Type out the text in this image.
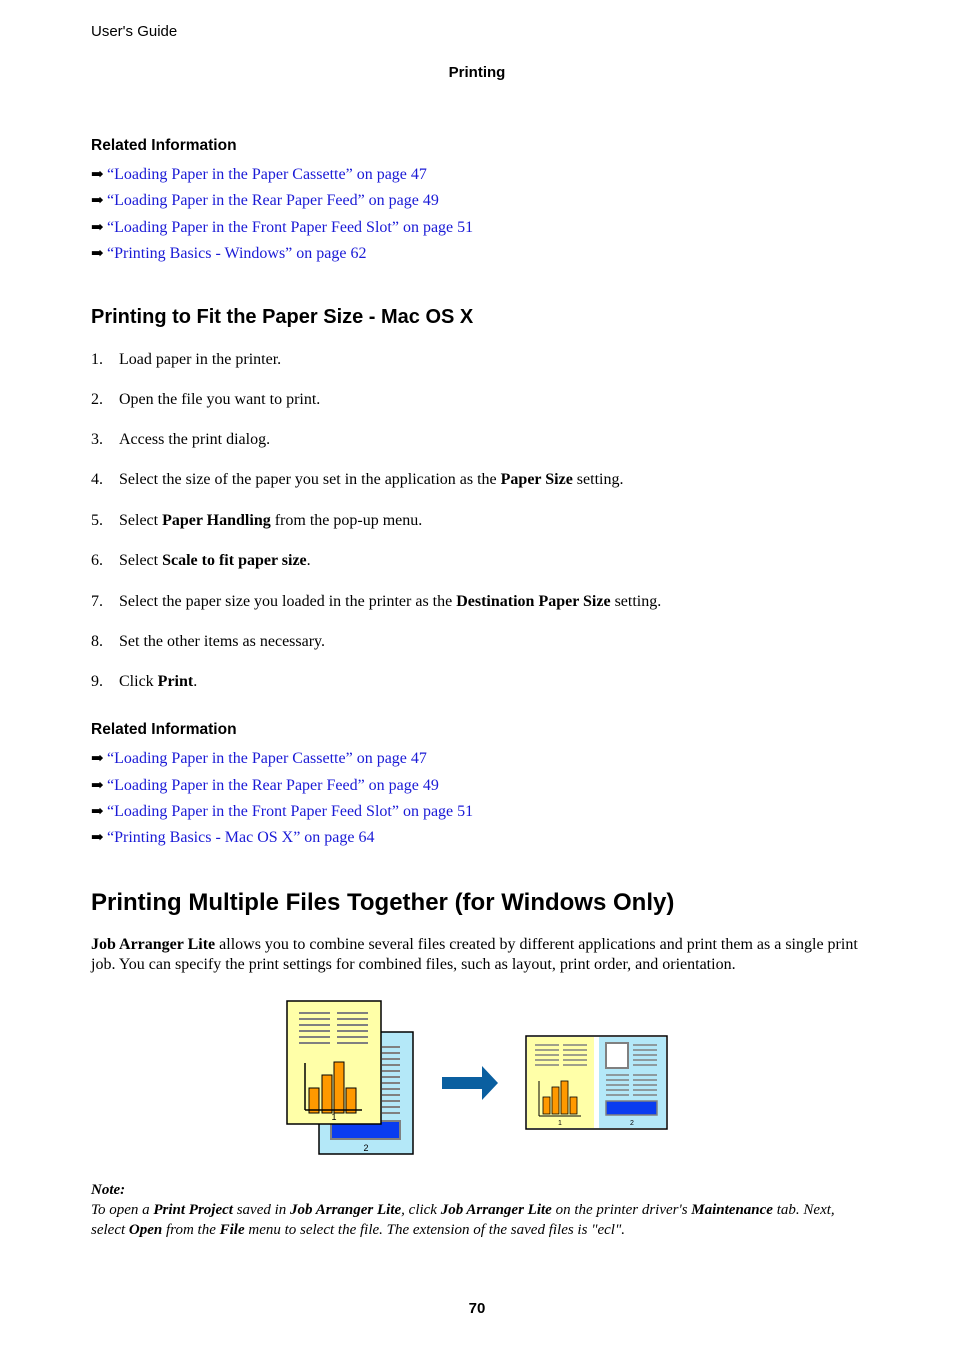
User's Guide
Printing
Related Information
➡ “Loading Paper in the Paper Cassette” on page 47
➡ “Loading Paper in the Rear Paper Feed” on page 49
➡ “Loading Paper in the Front Paper Feed Slot” on page 51
➡ “Printing Basics - Windows” on page 62
Printing to Fit the Paper Size - Mac OS X
1. Load paper in the printer.
2. Open the file you want to print.
3. Access the print dialog.
4. Select the size of the paper you set in the application as the Paper Size setting.
5. Select Paper Handling from the pop-up menu.
6. Select Scale to fit paper size.
7. Select the paper size you loaded in the printer as the Destination Paper Size setting.
8. Set the other items as necessary.
9. Click Print.
Related Information
➡ “Loading Paper in the Paper Cassette” on page 47
➡ “Loading Paper in the Rear Paper Feed” on page 49
➡ “Loading Paper in the Front Paper Feed Slot” on page 51
➡ “Printing Basics - Mac OS X” on page 64
Printing Multiple Files Together (for Windows Only)
Job Arranger Lite allows you to combine several files created by different applications and print them as a single print job. You can specify the print settings for combined files, such as layout, print order, and orientation.
2
1
1	2
Note:
To open a Print Project saved in Job Arranger Lite, click Job Arranger Lite on the printer driver's Maintenance tab. Next, select Open from the File menu to select the file. The extension of the saved files is "ecl".
70
